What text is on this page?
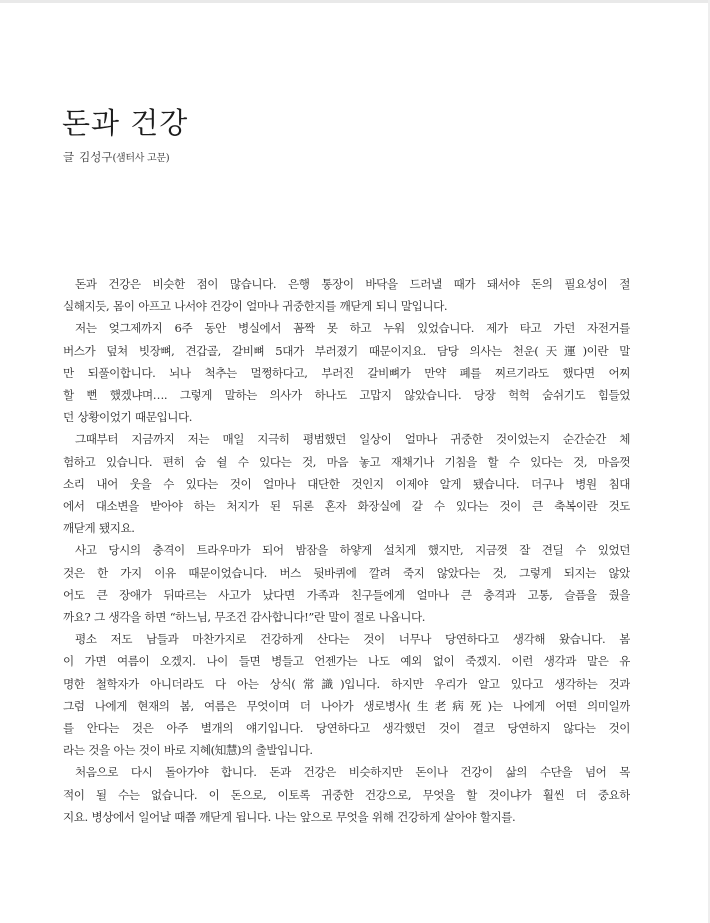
돈과 건강
글 김성구(샘터사 고문)
돈과 건강은 비슷한 점이 많습니다. 은행 통장이 바닥을 드러낼 때가 돼서야 돈의 필요성이 절
실해지듯, 몸이 아프고 나서야 건강이 얼마나 귀중한지를 깨닫게 되니 말입니다.
저는 엊그제까지 6주 동안 병실에서 꼼짝 못 하고 누워 있었습니다. 제가 타고 가던 자전거를
버스가 덮쳐 빗장뼈, 견갑골, 갈비뼈 5대가 부러졌기 때문이지요. 담당 의사는 천운(天運)이란 말
만 되풀이합니다. 뇌나 척추는 멀쩡하다고, 부러진 갈비뼈가 만약 폐를 찌르기라도 했다면 어찌
할 뻔 했겠냐며…. 그렇게 말하는 의사가 하나도 고맙지 않았습니다. 당장 헉헉 숨쉬기도 힘들었
던 상황이었기 때문입니다.
그때부터 지금까지 저는 매일 지극히 평범했던 일상이 얼마나 귀중한 것이었는지 순간순간 체
험하고 있습니다. 편히 숨 쉴 수 있다는 것, 마음 놓고 재채기나 기침을 할 수 있다는 것, 마음껏
소리 내어 웃을 수 있다는 것이 얼마나 대단한 것인지 이제야 알게 됐습니다. 더구나 병원 침대
에서 대소변을 받아야 하는 처지가 된 뒤론 혼자 화장실에 갈 수 있다는 것이 큰 축복이란 것도
깨닫게 됐지요.
사고 당시의 충격이 트라우마가 되어 밤잠을 하얗게 설치게 했지만, 지금껏 잘 견딜 수 있었던
것은 한 가지 이유 때문이었습니다. 버스 뒷바퀴에 깔려 죽지 않았다는 것, 그렇게 되지는 않았
어도 큰 장애가 뒤따르는 사고가 났다면 가족과 친구들에게 얼마나 큰 충격과 고통, 슬픔을 줬을
까요? 그 생각을 하면 “하느님, 무조건 감사합니다!”란 말이 절로 나옵니다.
평소 저도 남들과 마찬가지로 건강하게 산다는 것이 너무나 당연하다고 생각해 왔습니다. 봄
이 가면 여름이 오겠지. 나이 들면 병들고 언젠가는 나도 예외 없이 죽겠지. 이런 생각과 말은 유
명한 철학자가 아니더라도 다 아는 상식(常識)입니다. 하지만 우리가 알고 있다고 생각하는 것과
그럼 나에게 현재의 봄, 여름은 무엇이며 더 나아가 생로병사(生老病死)는 나에게 어떤 의미일까
를 안다는 것은 아주 별개의 얘기입니다. 당연하다고 생각했던 것이 결코 당연하지 않다는 것이
라는 것을 아는 것이 바로 지혜(知慧)의 출발입니다.
처음으로 다시 돌아가야 합니다. 돈과 건강은 비슷하지만 돈이나 건강이 삶의 수단을 넘어 목
적이 될 수는 없습니다. 이 돈으로, 이토록 귀중한 건강으로, 무엇을 할 것이냐가 훨씬 더 중요하
지요. 병상에서 일어날 때쯤 깨닫게 됩니다. 나는 앞으로 무엇을 위해 건강하게 살아야 할지를.
